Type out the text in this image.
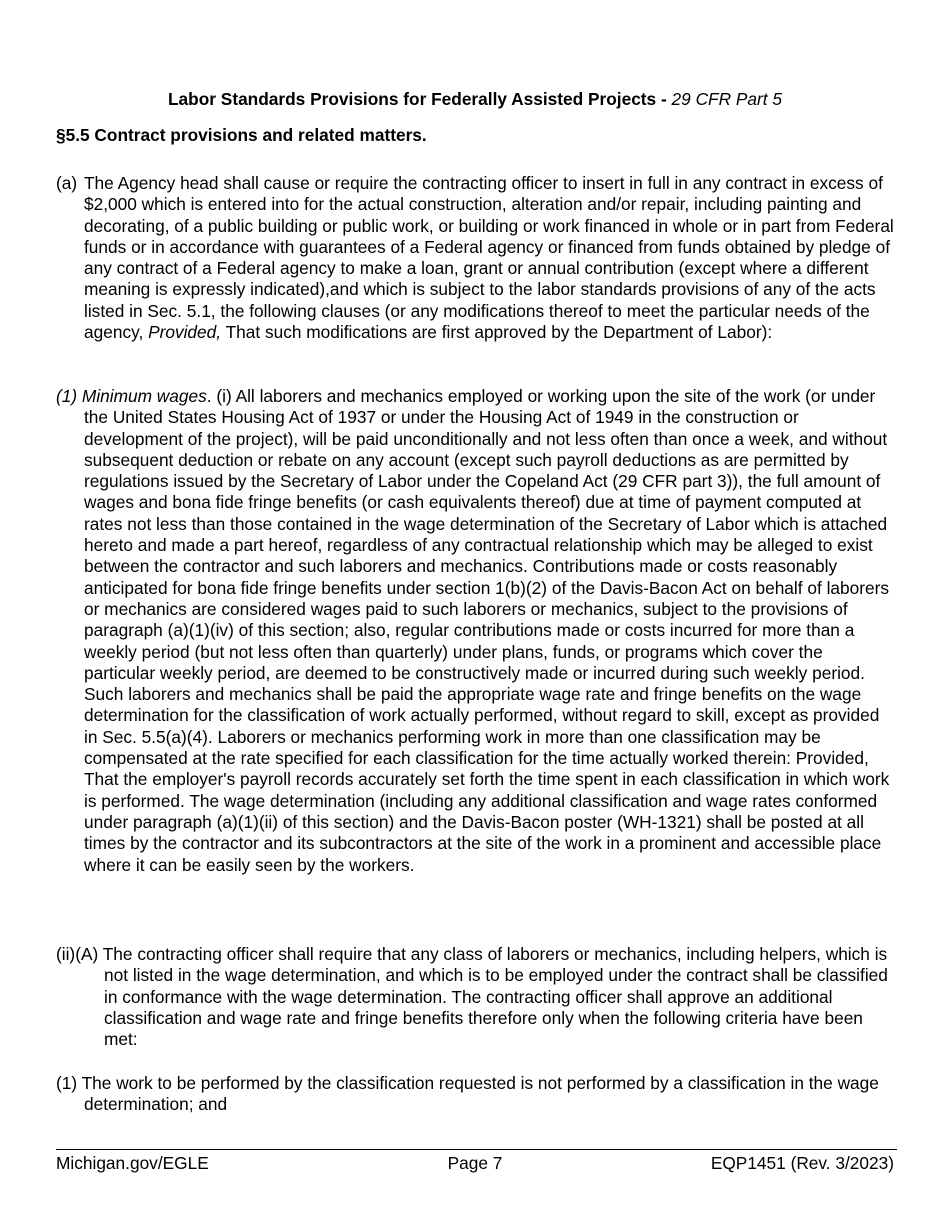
Labor Standards Provisions for Federally Assisted Projects - 29 CFR Part 5
§5.5 Contract provisions and related matters.
(a) The Agency head shall cause or require the contracting officer to insert in full in any contract in excess of $2,000 which is entered into for the actual construction, alteration and/or repair, including painting and decorating, of a public building or public work, or building or work financed in whole or in part from Federal funds or in accordance with guarantees of a Federal agency or financed from funds obtained by pledge of any contract of a Federal agency to make a loan, grant or annual contribution (except where a different meaning is expressly indicated),and which is subject to the labor standards provisions of any of the acts listed in Sec. 5.1, the following clauses (or any modifications thereof to meet the particular needs of the agency, Provided, That such modifications are first approved by the Department of Labor):

(1) Minimum wages. (i) All laborers and mechanics employed or working upon the site of the work (or under the United States Housing Act of 1937 or under the Housing Act of 1949 in the construction or development of the project), will be paid unconditionally and not less often than once a week, and without subsequent deduction or rebate on any account (except such payroll deductions as are permitted by regulations issued by the Secretary of Labor under the Copeland Act (29 CFR part 3)), the full amount of wages and bona fide fringe benefits (or cash equivalents thereof) due at time of payment computed at rates not less than those contained in the wage determination of the Secretary of Labor which is attached hereto and made a part hereof, regardless of any contractual relationship which may be alleged to exist between the contractor and such laborers and mechanics. Contributions made or costs reasonably anticipated for bona fide fringe benefits under section 1(b)(2) of the Davis-Bacon Act on behalf of laborers or mechanics are considered wages paid to such laborers or mechanics, subject to the provisions of paragraph (a)(1)(iv) of this section; also, regular contributions made or costs incurred for more than a weekly period (but not less often than quarterly) under plans, funds, or programs which cover the particular weekly period, are deemed to be constructively made or incurred during such weekly period. Such laborers and mechanics shall be paid the appropriate wage rate and fringe benefits on the wage determination for the classification of work actually performed, without regard to skill, except as provided in Sec. 5.5(a)(4). Laborers or mechanics performing work in more than one classification may be compensated at the rate specified for each classification for the time actually worked therein: Provided, That the employer's payroll records accurately set forth the time spent in each classification in which work is performed. The wage determination (including any additional classification and wage rates conformed under paragraph (a)(1)(ii) of this section) and the Davis-Bacon poster (WH-1321) shall be posted at all times by the contractor and its subcontractors at the site of the work in a prominent and accessible place where it can be easily seen by the workers.

(ii)(A) The contracting officer shall require that any class of laborers or mechanics, including helpers, which is not listed in the wage determination, and which is to be employed under the contract shall be classified in conformance with the wage determination. The contracting officer shall approve an additional classification and wage rate and fringe benefits therefore only when the following criteria have been met:

(1) The work to be performed by the classification requested is not performed by a classification in the wage determination; and

Michigan.gov/EGLE	Page 7	EQP1451 (Rev. 3/2023)
